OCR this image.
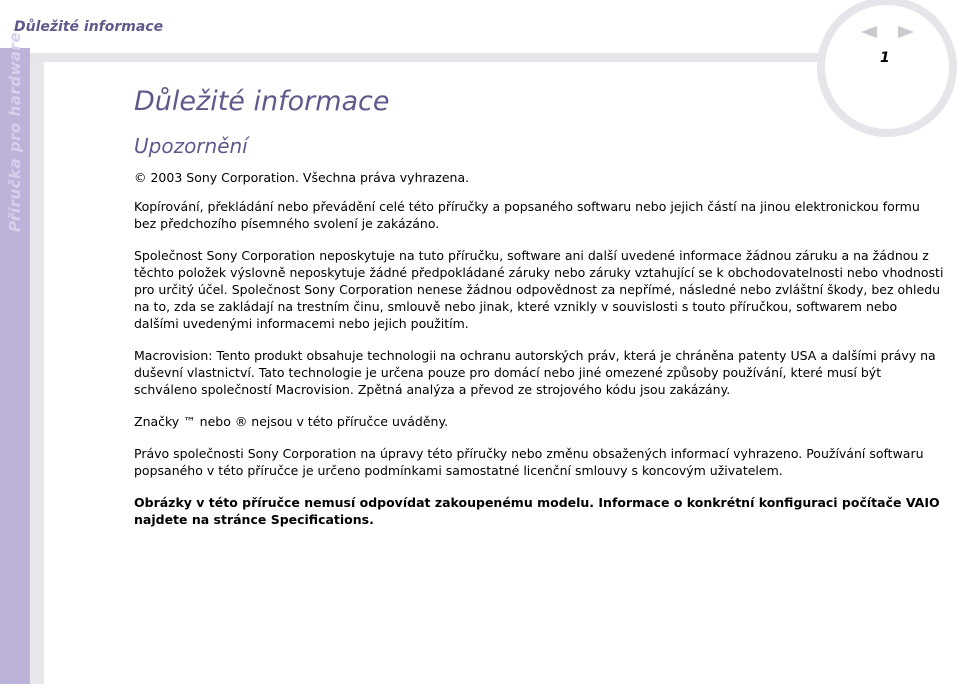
Důležité informace
Příručka pro hardware	1
Důležité informace
Upozornění

© 2003 Sony Corporation. Všechna práva vyhrazena.

Kopírování, překládání nebo převádění celé této příručky a popsaného softwaru nebo jejich částí na jinou elektronickou formu bez předchozího písemného svolení je zakázáno.

Společnost Sony Corporation neposkytuje na tuto příručku, software ani další uvedené informace žádnou záruku a na žádnou z těchto položek výslovně neposkytuje žádné předpokládané záruky nebo záruky vztahující se k obchodovatelnosti nebo vhodnosti pro určitý účel. Společnost Sony Corporation nenese žádnou odpovědnost za nepřímé, následné nebo zvláštní škody, bez ohledu na to, zda se zakládají na trestním činu, smlouvě nebo jinak, které vznikly v souvislosti s touto příručkou, softwarem nebo dalšími uvedenými informacemi nebo jejich použitím.

Macrovision: Tento produkt obsahuje technologii na ochranu autorských práv, která je chráněna patenty USA a dalšími právy na duševní vlastnictví. Tato technologie je určena pouze pro domácí nebo jiné omezené způsoby používání, které musí být schváleno společností Macrovision. Zpětná analýza a převod ze strojového kódu jsou zakázány.

Značky ™ nebo ® nejsou v této příručce uváděny.

Právo společnosti Sony Corporation na úpravy této příručky nebo změnu obsažených informací vyhrazeno. Používání softwaru popsaného v této příručce je určeno podmínkami samostatné licenční smlouvy s koncovým uživatelem.

Obrázky v této příručce nemusí odpovídat zakoupenému modelu. Informace o konkrétní konfiguraci počítače VAIO najdete na stránce Specifications.
